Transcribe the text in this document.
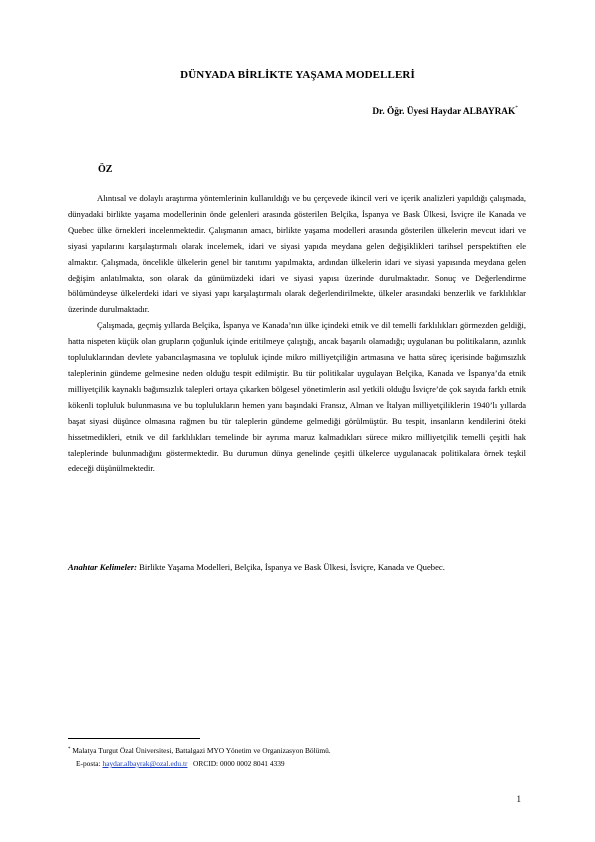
DÜNYADA BİRLİKTE YAŞAMA MODELLERİ
Dr. Öğr. Üyesi Haydar ALBAYRAK*
ÖZ

Alıntısal ve dolaylı araştırma yöntemlerinin kullanıldığı ve bu çerçevede ikincil veri ve içerik analizleri yapıldığı çalışmada, dünyadaki birlikte yaşama modellerinin önde gelenleri arasında gösterilen Belçika, İspanya ve Bask Ülkesi, İsviçre ile Kanada ve Quebec ülke örnekleri incelenmektedir. Çalışmanın amacı, birlikte yaşama modelleri arasında gösterilen ülkelerin mevcut idari ve siyasi yapılarını karşılaştırmalı olarak incelemek, idari ve siyasi yapıda meydana gelen değişiklikleri tarihsel perspektiften ele almaktır. Çalışmada, öncelikle ülkelerin genel bir tanıtımı yapılmakta, ardından ülkelerin idari ve siyasi yapısında meydana gelen değişim anlatılmakta, son olarak da günümüzdeki idari ve siyasi yapısı üzerinde durulmaktadır. Sonuç ve Değerlendirme bölümündeyse ülkelerdeki idari ve siyasi yapı karşılaştırmalı olarak değerlendirilmekte, ülkeler arasındaki benzerlik ve farklılıklar üzerinde durulmaktadır.

Çalışmada, geçmiş yıllarda Belçika, İspanya ve Kanada’nın ülke içindeki etnik ve dil temelli farklılıkları görmezden geldiği, hatta nispeten küçük olan grupların çoğunluk içinde eritilmeye çalıştığı, ancak başarılı olamadığı; uygulanan bu politikaların, azınlık topluluklarından devlete yabancılaşmasına ve topluluk içinde mikro milliyetçiliğin artmasına ve hatta süreç içerisinde bağımsızlık taleplerinin gündeme gelmesine neden olduğu tespit edilmiştir. Bu tür politikalar uygulayan Belçika, Kanada ve İspanya’da etnik milliyetçilik kaynaklı bağımsızlık talepleri ortaya çıkarken bölgesel yönetimlerin asıl yetkili olduğu İsviçre’de çok sayıda farklı etnik kökenli topluluk bulunmasına ve bu toplulukların hemen yanı başındaki Fransız, Alman ve İtalyan milliyetçiliklerin 1940’lı yıllarda başat siyasi düşünce olmasına rağmen bu tür taleplerin gündeme gelmediği görülmüştür. Bu tespit, insanların kendilerini öteki hissetmedikleri, etnik ve dil farklılıkları temelinde bir ayrıma maruz kalmadıkları sürece mikro milliyetçilik temelli çeşitli hak taleplerinde bulunmadığını göstermektedir. Bu durumun dünya genelinde çeşitli ülkelerce uygulanacak politikalara örnek teşkil edeceği düşünülmektedir.

Anahtar Kelimeler: Birlikte Yaşama Modelleri, Belçika, İspanya ve Bask Ülkesi, İsviçre, Kanada ve Quebec.
* Malatya Turgut Özal Üniversitesi, Battalgazi MYO Yönetim ve Organizasyon Bölümü.
E-posta: haydar.albayrak@ozal.edu.tr ORCID: 0000 0002 8041 4339
1
